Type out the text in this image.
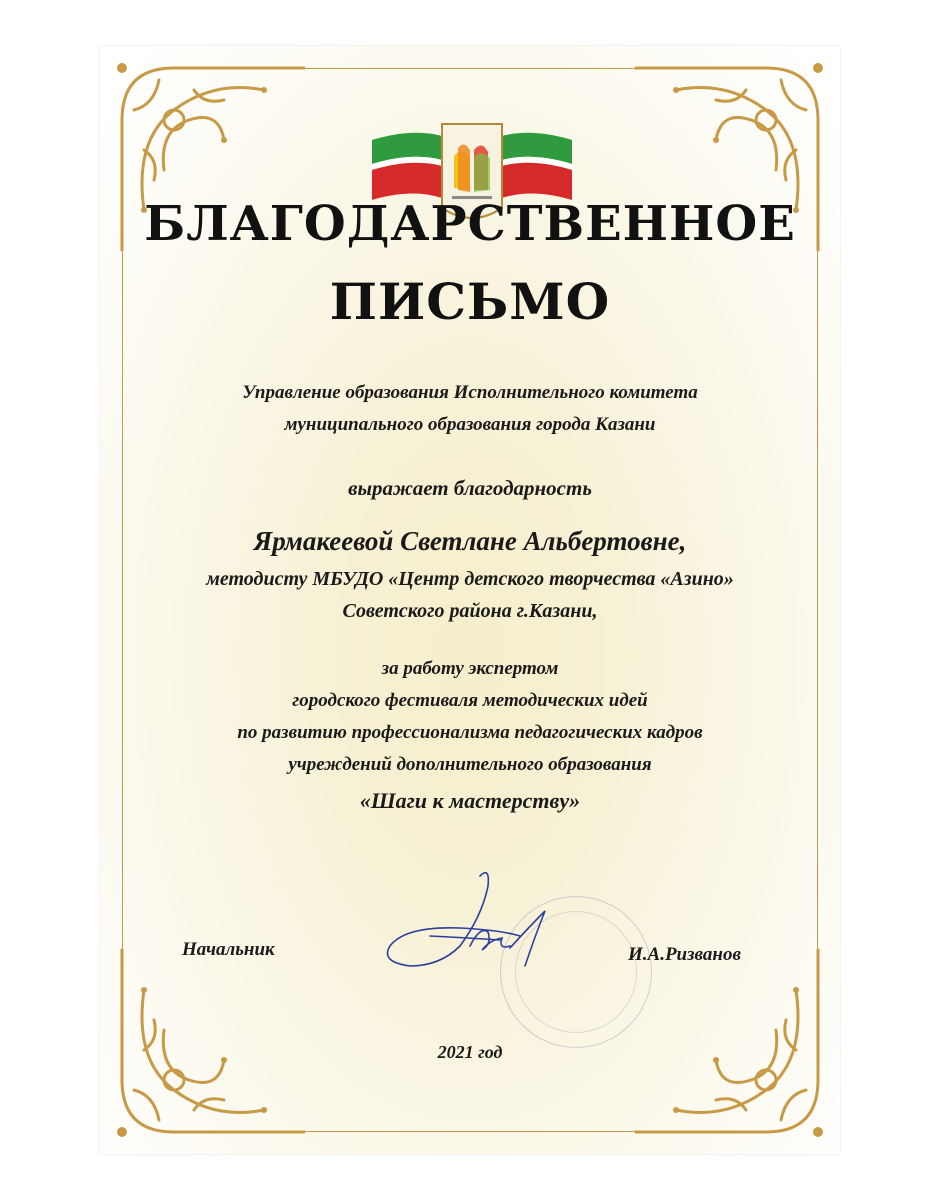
БЛАГОДАРСТВЕННОЕ
ПИСЬМО
Управление образования Исполнительного комитета
муниципального образования города Казани
выражает благодарность
Ярмакеевой Светлане Альбертовне,
методисту МБУДО «Центр детского творчества «Азино»
Советского района г.Казани,
за работу экспертом
городского фестиваля методических идей
по развитию профессионализма педагогических кадров
учреждений дополнительного образования
«Шаги к мастерству»
Начальник	И.А.Ризванов
2021 год
